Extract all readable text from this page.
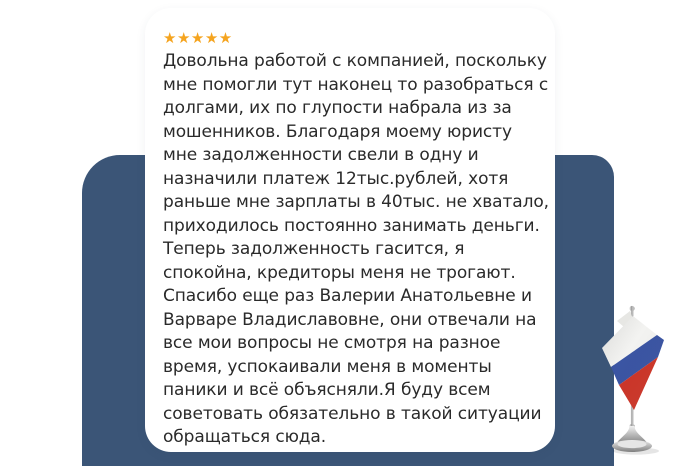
★★★★★

Довольна работой с компанией, поскольку мне помогли тут наконец то разобраться с долгами, их по глупости набрала из за мошенников. Благодаря моему юристу мне задолженности свели в одну и назначили платеж 12тыс.рублей, хотя раньше мне зарплаты в 40тыс. не хватало, приходилось постоянно занимать деньги. Теперь задолженность гасится, я спокойна, кредиторы меня не трогают. Спасибо еще раз Валерии Анатольевне и Варваре Владиславовне, они отвечали на все мои вопросы не смотря на разное время, успокаивали меня в моменты паники и всё объясняли.Я буду всем советовать обязательно в такой ситуации обращаться сюда.
